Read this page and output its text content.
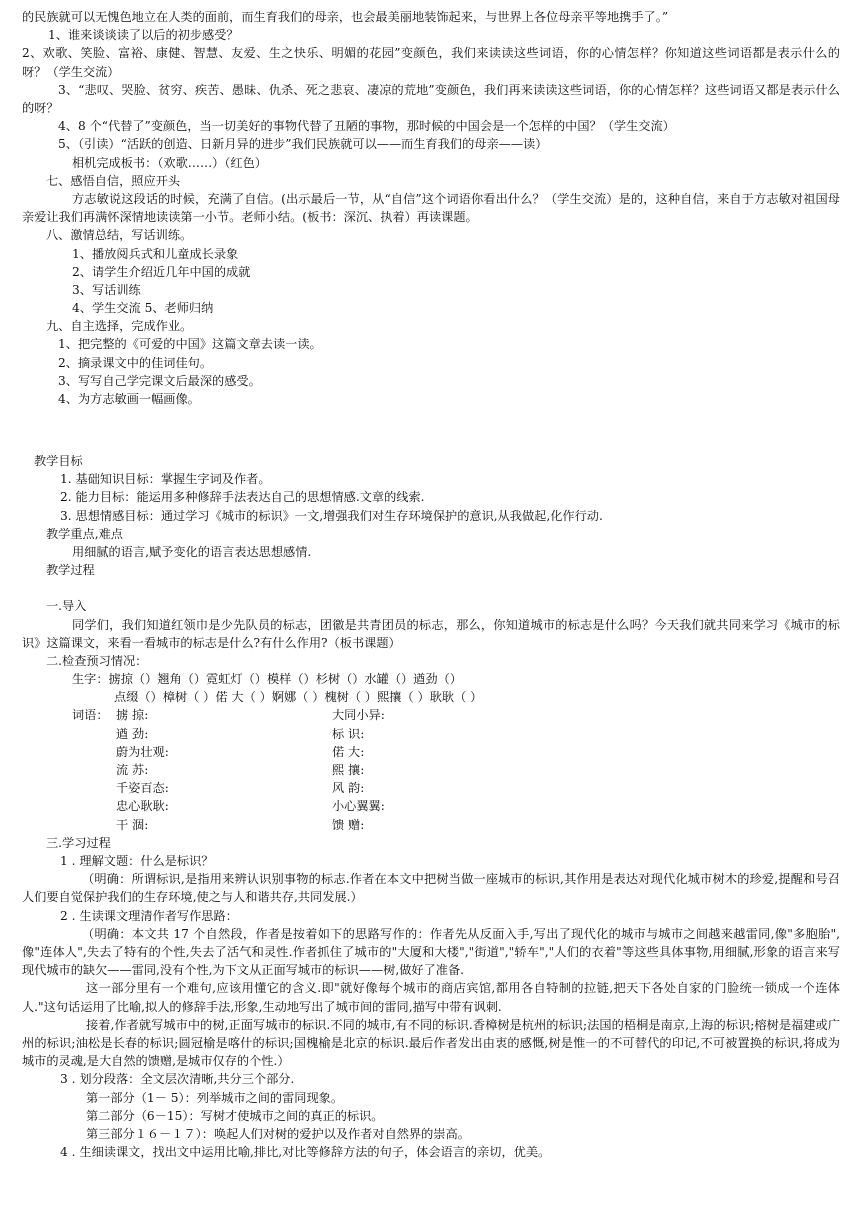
的民族就可以无愧色地立在人类的面前，而生育我们的母亲，也会最美丽地装饰起来，与世界上各位母亲平等地携手了。”
1、谁来谈谈读了以后的初步感受？
2、欢歌、笑脸、富裕、康健、智慧、友爱、生之快乐、明媚的花园”变颜色，我们来读读这些词语，你的心情怎样？你知道这些词语都是表示什么的呀？（学生交流）
3、“悲叹、哭脸、贫穷、疾苦、愚昧、仇杀、死之悲哀、凄凉的荒地”变颜色，我们再来读读这些词语，你的心情怎样？这些词语又都是表示什么的呀？
4、8 个“代替了”变颜色，当一切美好的事物代替了丑陋的事物，那时候的中国会是一个怎样的中国？（学生交流）
5、（引读）“活跃的创造、日新月异的进步”我们民族就可以——而生育我们的母亲——读）
相机完成板书：（欢歌……）（红色）
七、感悟自信，照应开头
方志敏说这段话的时候，充满了自信。(出示最后一节，从“自信”这个词语你看出什么？（学生交流）是的，这种自信，来自于方志敏对祖国母亲爱让我们再满怀深情地读读第一小节。老师小结。(板书：深沉、执着）再读课题。
八、激情总结，写话训练。
1、播放阅兵式和儿童成长录象
2、请学生介绍近几年中国的成就
3、写话训练
4、学生交流 5、老师归纳
九、自主选择，完成作业。
1、把完整的《可爱的中国》这篇文章去读一读。
2、摘录课文中的佳词佳句。
3、写写自己学完课文后最深的感受。
4、为方志敏画一幅画像。
教学目标
1. 基础知识目标：掌握生字词及作者。
2. 能力目标：能运用多种修辞手法表达自己的思想情感.文章的线索.
3. 思想情感目标：通过学习《城市的标识》一文,增强我们对生存环境保护的意识,从我做起,化作行动.
教学重点,难点
用细腻的语言,赋予变化的语言表达思想感情.
教学过程
一.导入
同学们，我们知道红领巾是少先队员的标志，团徽是共青团员的标志，那么，你知道城市的标志是什么吗？今天我们就共同来学习《城市的标识》这篇课文，来看一看城市的标志是什么?有什么作用?（板书课题）
二.检查预习情况：
生字：掳掠（）翘角（）霓虹灯（）模样（）杉树（）水罐（）遒劲（）
点缀（）樟树（ ）偌 大（ ）婀娜（ ）槐树（ ）熙攘（ ）耿耿（ ）
词语： 掳 掠:	大同小异:
遒 劲:	标 识:
蔚为壮观:	偌 大:
流 苏:	熙 攘:
千姿百态:	风 韵:
忠心耿耿:	小心翼翼:
干 涸:	馈 赠:
三.学习过程
1 . 理解文题：什么是标识？
（明确：所谓标识,是指用来辨认识别事物的标志.作者在本文中把树当做一座城市的标识,其作用是表达对现代化城市树木的珍爱,提醒和号召人们要自觉保护我们的生存环境,使之与人和谐共存,共同发展.）
2 . 生读课文理清作者写作思路：
（明确：本文共 17 个自然段，作者是按着如下的思路写作的：作者先从反面入手,写出了现代化的城市与城市之间越来越雷同,像"多胞胎",像"连体人",失去了特有的个性,失去了活气和灵性.作者抓住了城市的"大厦和大楼","街道","轿车","人们的衣着"等这些具体事物,用细腻,形象的语言来写现代城市的缺欠——雷同,没有个性,为下文从正面写城市的标识——树,做好了准备.
这一部分里有一个难句,应该用懂它的含义.即"就好像每个城市的商店宾馆,都用各自特制的拉链,把天下各处自家的门脸统一锁成一个连体人."这句话运用了比喻,拟人的修辞手法,形象,生动地写出了城市间的雷同,描写中带有讽刺.
接着,作者就写城市中的树,正面写城市的标识.不同的城市,有不同的标识.香樟树是杭州的标识;法国的梧桐是南京,上海的标识;榕树是福建或广州的标识;油松是长春的标识;圆冠榆是喀什的标识;国槐榆是北京的标识.最后作者发出由衷的感慨,树是惟一的不可替代的印记,不可被置换的标识,将成为城市的灵魂,是大自然的馈赠,是城市仅存的个性.）
3 . 划分段落：全文层次清晰,共分三个部分.
第一部分（1－ 5）：列举城市之间的雷同现象。
第二部分（6－15）：写树才使城市之间的真正的标识。
第三部分１６－１７）：唤起人们对树的爱护以及作者对自然界的崇高。
4 . 生细读课文，找出文中运用比喻,排比,对比等修辞方法的句子，体会语言的亲切，优美。
